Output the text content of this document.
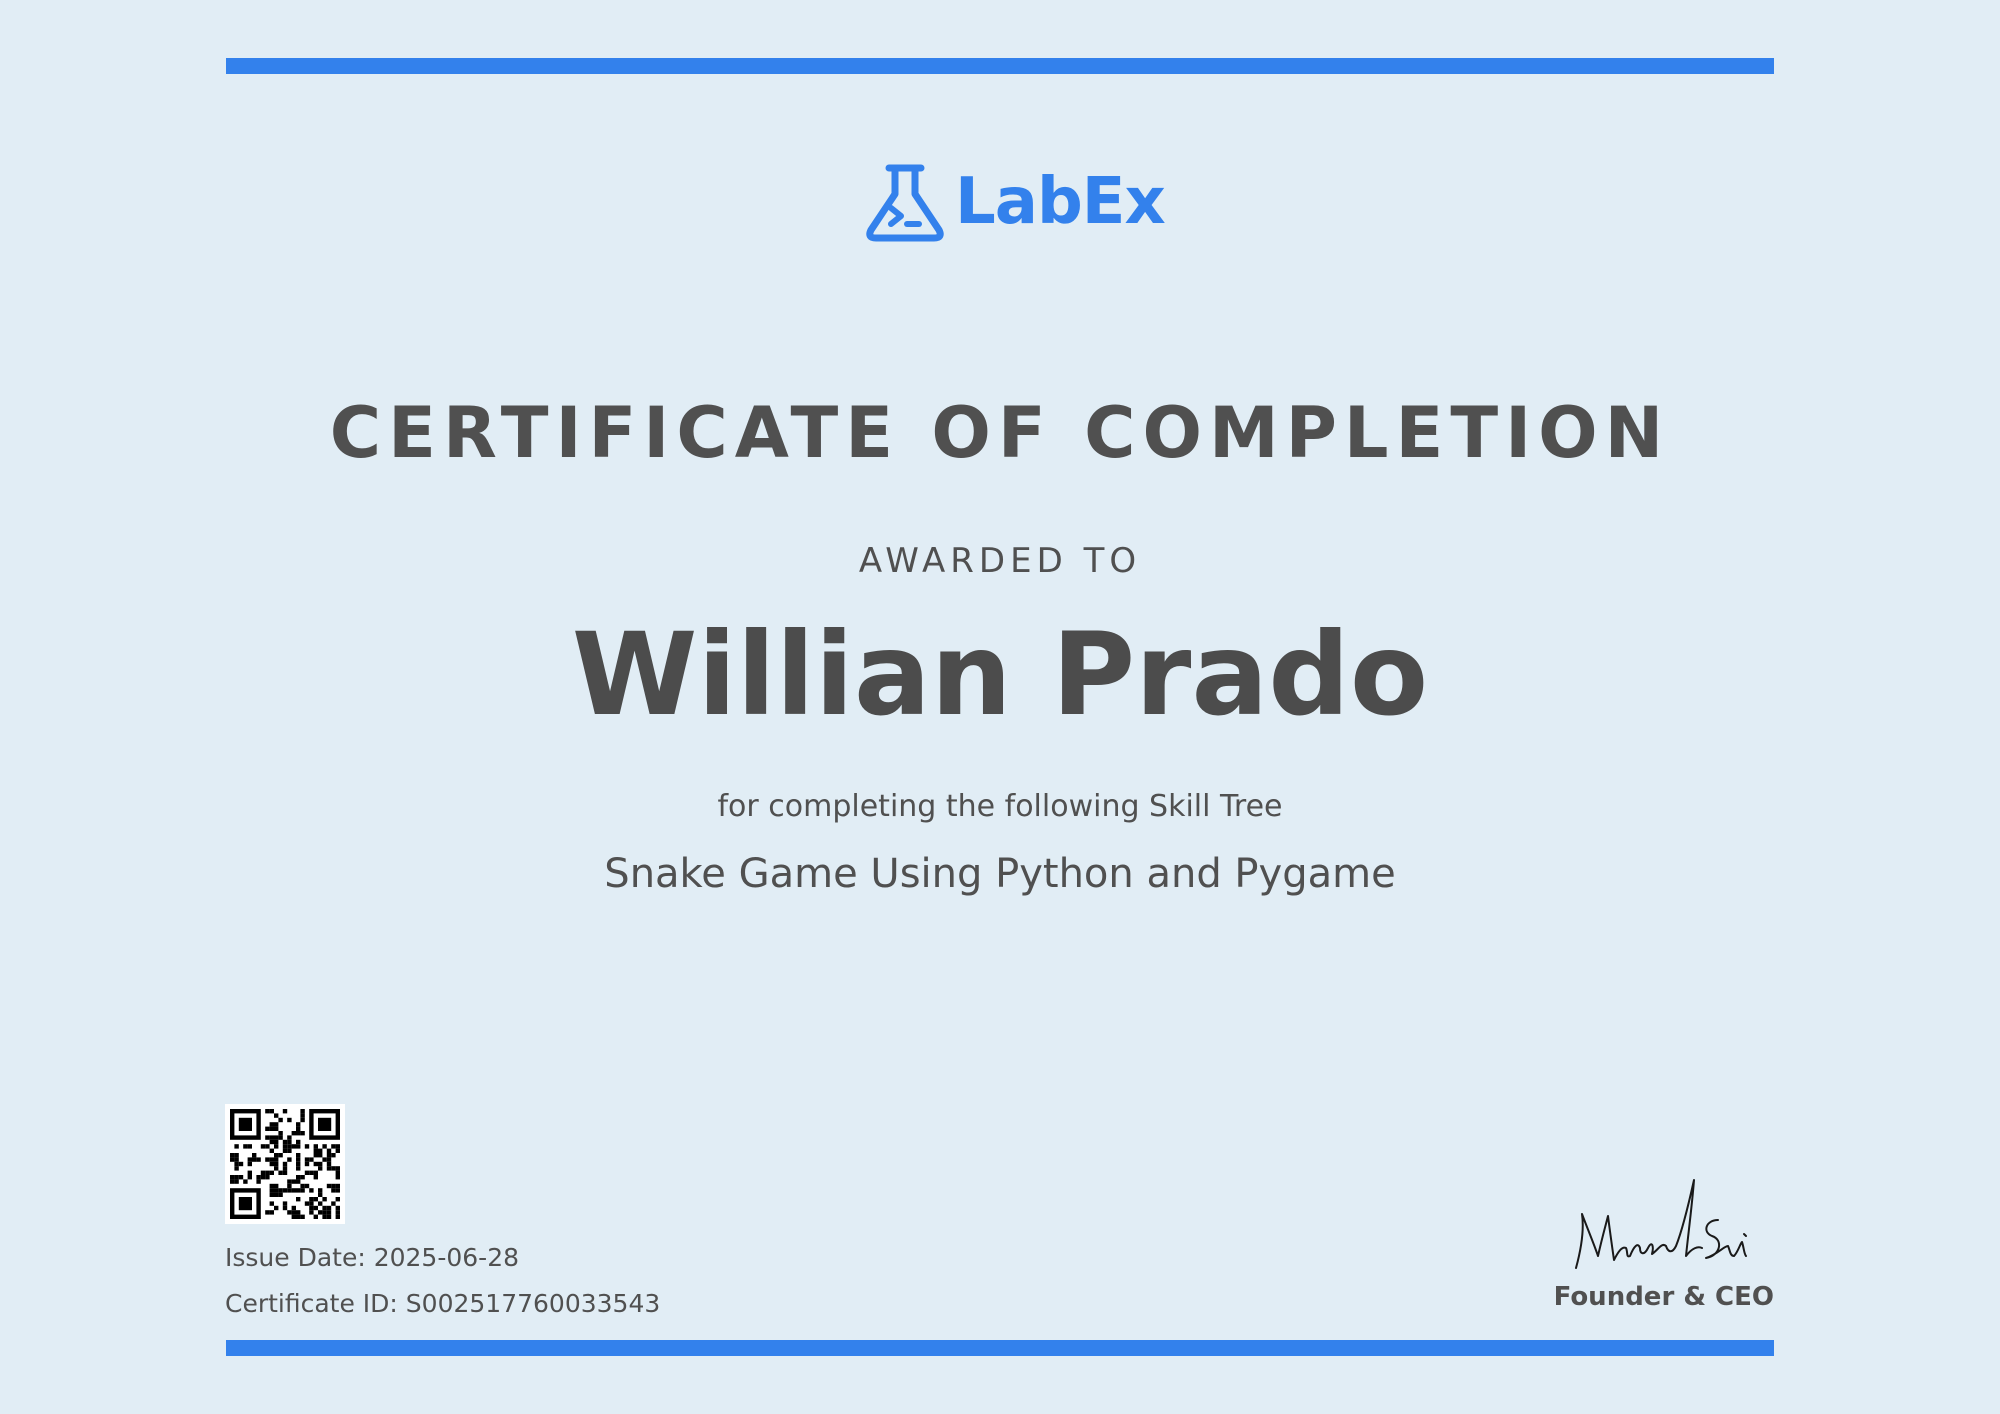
LabEx
CERTIFICATE OF COMPLETION
AWARDED TO
Willian Prado
for completing the following Skill Tree
Snake Game Using Python and Pygame
Issue Date: 2025-06-28
Certificate ID: S002517760033543	Founder & CEO
